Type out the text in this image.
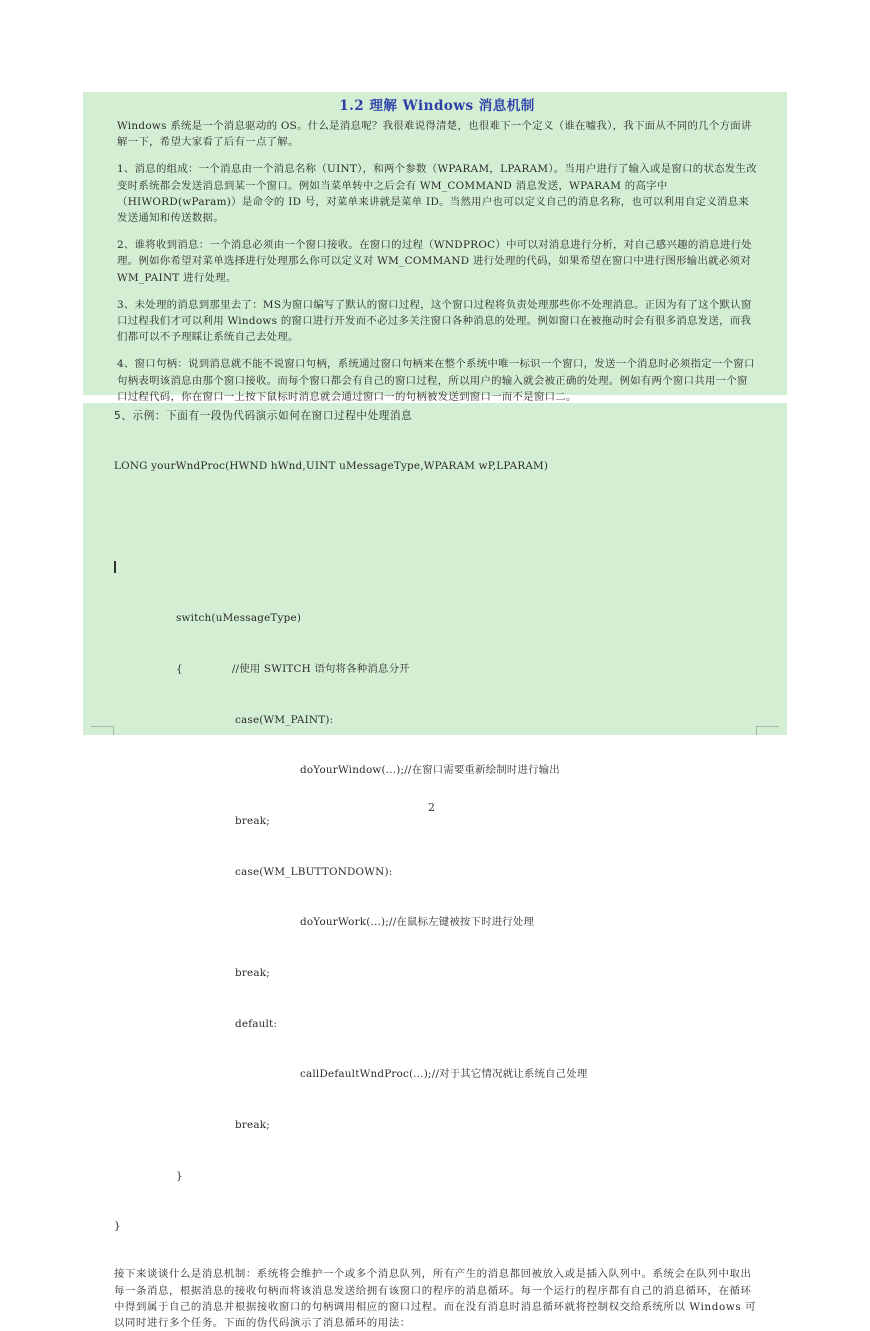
1.2 理解 Windows 消息机制

Windows 系统是一个消息驱动的 OS。什么是消息呢？我很难说得清楚，也很难下一个定义（谁在嘘我），我下面从不同的几个方面讲解一下，希望大家看了后有一点了解。

1、消息的组成：一个消息由一个消息名称（UINT），和两个参数（WPARAM，LPARAM）。当用户进行了输入或是窗口的状态发生改变时系统都会发送消息到某一个窗口。例如当菜单转中之后会有 WM_COMMAND 消息发送，WPARAM 的高字中（HIWORD(wParam)）是命令的 ID 号，对菜单来讲就是菜单 ID。当然用户也可以定义自己的消息名称，也可以利用自定义消息来发送通知和传送数据。

2、谁将收到消息：一个消息必须由一个窗口接收。在窗口的过程（WNDPROC）中可以对消息进行分析，对自己感兴趣的消息进行处理。例如你希望对菜单选择进行处理那么你可以定义对 WM_COMMAND 进行处理的代码，如果希望在窗口中进行图形输出就必须对 WM_PAINT 进行处理。

3、未处理的消息到那里去了：MS为窗口编写了默认的窗口过程，这个窗口过程将负责处理那些你不处理消息。正因为有了这个默认窗口过程我们才可以利用 Windows 的窗口进行开发而不必过多关注窗口各种消息的处理。例如窗口在被拖动时会有很多消息发送，而我们都可以不予理睬让系统自己去处理。

4、窗口句柄：说到消息就不能不说窗口句柄，系统通过窗口句柄来在整个系统中唯一标识一个窗口，发送一个消息时必须指定一个窗口句柄表明该消息由那个窗口接收。而每个窗口都会有自己的窗口过程，所以用户的输入就会被正确的处理。例如有两个窗口共用一个窗口过程代码，你在窗口一上按下鼠标时消息就会通过窗口一的句柄被发送到窗口一而不是窗口二。

5、示例：下面有一段伪代码演示如何在窗口过程中处理消息

LONG yourWndProc(HWND hWnd,UINT uMessageType,WPARAM wP,LPARAM)

switch(uMessageType)

{	//使用 SWITCH 语句将各种消息分开

case(WM_PAINT):

doYourWindow(...);//在窗口需要重新绘制时进行输出

break;

case(WM_LBUTTONDOWN):

doYourWork(...);//在鼠标左键被按下时进行处理

break;

default:

callDefaultWndProc(...);//对于其它情况就让系统自己处理

break;

}

}

接下来谈谈什么是消息机制：系统将会维护一个或多个消息队列，所有产生的消息都回被放入或是插入队列中。系统会在队列中取出每一条消息，根据消息的接收句柄而将该消息发送给拥有该窗口的程序的消息循环。每一个运行的程序都有自己的消息循环，在循环中得到属于自己的消息并根据接收窗口的句柄调用相应的窗口过程。而在没有消息时消息循环就将控制权交给系统所以 Windows 可以同时进行多个任务。下面的伪代码演示了消息循环的用法：

2
